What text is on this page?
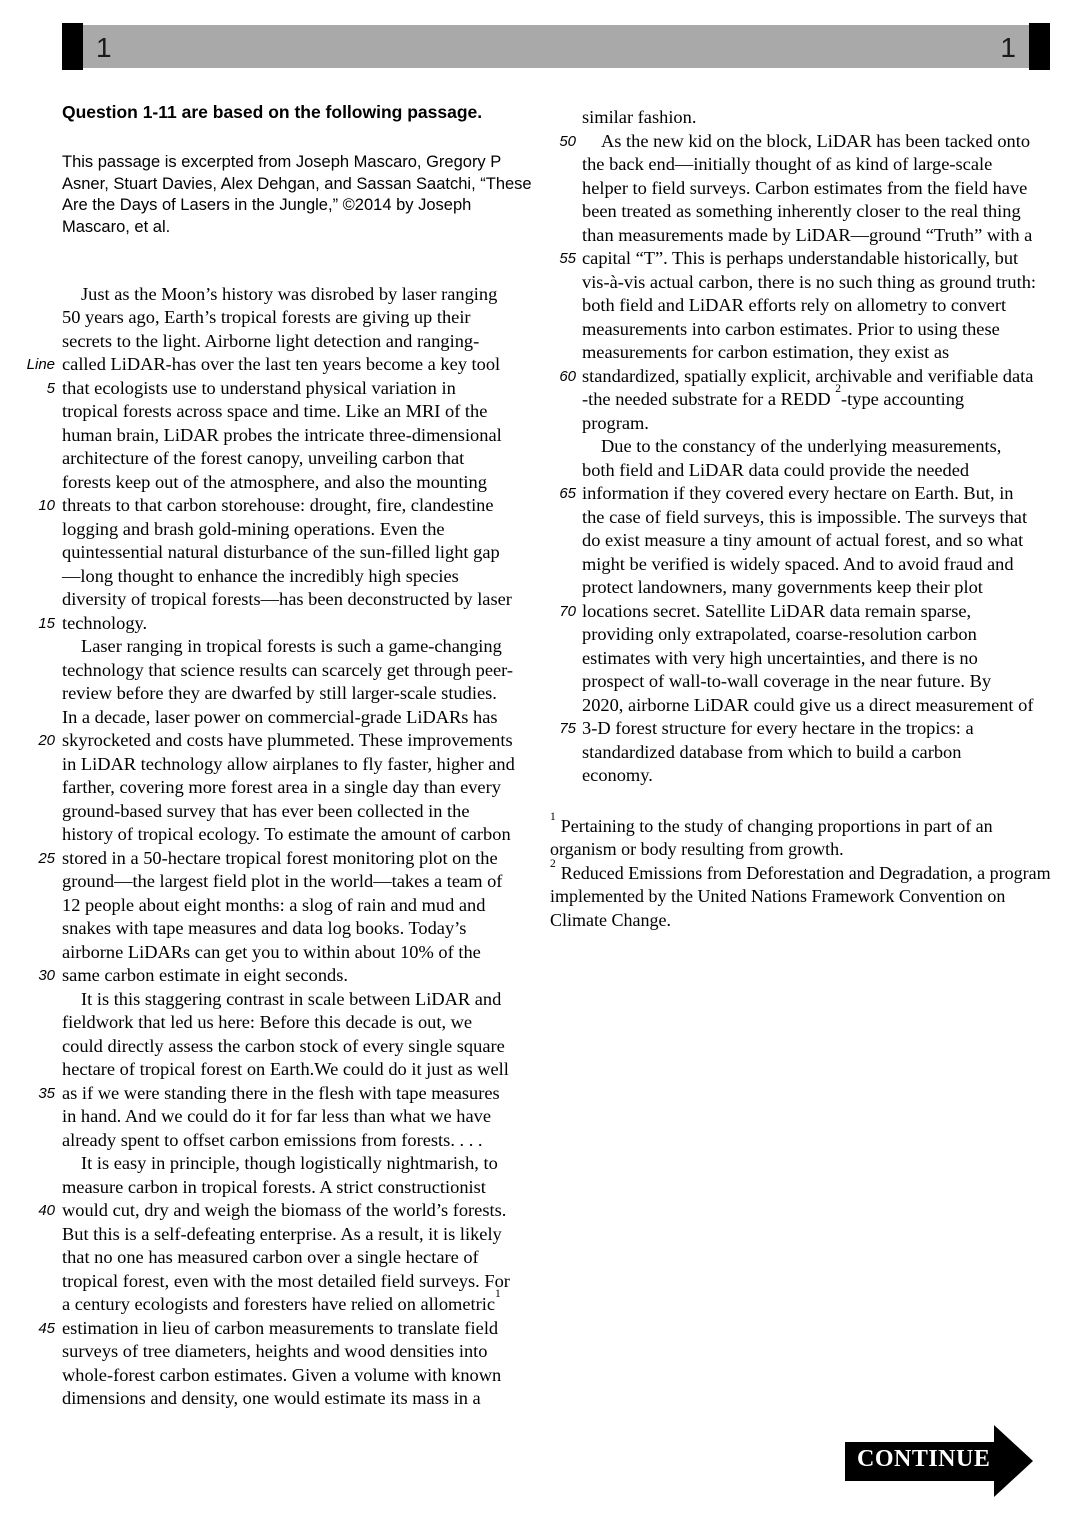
1	1
Question 1-11 are based on the following passage.

This passage is excerpted from Joseph Mascaro, Gregory P Asner, Stuart Davies, Alex Dehgan, and Sassan Saatchi, “These Are the Days of Lasers in the Jungle,” ©2014 by Joseph Mascaro, et al.

Just as the Moon’s history was disrobed by laser ranging
50 years ago, Earth’s tropical forests are giving up their
secrets to the light. Airborne light detection and ranging-
Line called LiDAR-has over the last ten years become a key tool
5 that ecologists use to understand physical variation in
tropical forests across space and time. Like an MRI of the
human brain, LiDAR probes the intricate three-dimensional
architecture of the forest canopy, unveiling carbon that
forests keep out of the atmosphere, and also the mounting
10 threats to that carbon storehouse: drought, fire, clandestine
logging and brash gold-mining operations. Even the
quintessential natural disturbance of the sun-filled light gap
—long thought to enhance the incredibly high species
diversity of tropical forests—has been deconstructed by laser
15 technology.
Laser ranging in tropical forests is such a game-changing
technology that science results can scarcely get through peer-
review before they are dwarfed by still larger-scale studies.
In a decade, laser power on commercial-grade LiDARs has
20 skyrocketed and costs have plummeted. These improvements
in LiDAR technology allow airplanes to fly faster, higher and
farther, covering more forest area in a single day than every
ground-based survey that has ever been collected in the
history of tropical ecology. To estimate the amount of carbon
25 stored in a 50-hectare tropical forest monitoring plot on the
ground—the largest field plot in the world—takes a team of
12 people about eight months: a slog of rain and mud and
snakes with tape measures and data log books. Today’s
airborne LiDARs can get you to within about 10% of the
30 same carbon estimate in eight seconds.
It is this staggering contrast in scale between LiDAR and
fieldwork that led us here: Before this decade is out, we
could directly assess the carbon stock of every single square
hectare of tropical forest on Earth.We could do it just as well
35 as if we were standing there in the flesh with tape measures
in hand. And we could do it for far less than what we have
already spent to offset carbon emissions from forests. . . .
It is easy in principle, though logistically nightmarish, to
measure carbon in tropical forests. A strict constructionist
40 would cut, dry and weigh the biomass of the world’s forests.
But this is a self-defeating enterprise. As a result, it is likely
that no one has measured carbon over a single hectare of
tropical forest, even with the most detailed field surveys. For
a century ecologists and foresters have relied on allometric$^1$
45 estimation in lieu of carbon measurements to translate field
surveys of tree diameters, heights and wood densities into
whole-forest carbon estimates. Given a volume with known
dimensions and density, one would estimate its mass in a
similar fashion.
50	As the new kid on the block, LiDAR has been tacked onto
the back end—initially thought of as kind of large-scale
helper to field surveys. Carbon estimates from the field have
been treated as something inherently closer to the real thing
than measurements made by LiDAR—ground “Truth” with a
55 capital “T”. This is perhaps understandable historically, but
vis-à-vis actual carbon, there is no such thing as ground truth:
both field and LiDAR efforts rely on allometry to convert
measurements into carbon estimates. Prior to using these
measurements for carbon estimation, they exist as
60 standardized, spatially explicit, archivable and verifiable data
-the needed substrate for a REDD $^2$-type accounting
program.
Due to the constancy of the underlying measurements,
both field and LiDAR data could provide the needed
65 information if they covered every hectare on Earth. But, in
the case of field surveys, this is impossible. The surveys that
do exist measure a tiny amount of actual forest, and so what
might be verified is widely spaced. And to avoid fraud and
protect landowners, many governments keep their plot
70 locations secret. Satellite LiDAR data remain sparse,
providing only extrapolated, coarse-resolution carbon
estimates with very high uncertainties, and there is no
prospect of wall-to-wall coverage in the near future. By
2020, airborne LiDAR could give us a direct measurement of
75 3-D forest structure for every hectare in the tropics: a
standardized database from which to build a carbon
economy.

$^1$ Pertaining to the study of changing proportions in part of an organism or body resulting from growth.

$^2$ Reduced Emissions from Deforestation and Degradation, a program implemented by the United Nations Framework Convention on Climate Change.

CONTINUE
